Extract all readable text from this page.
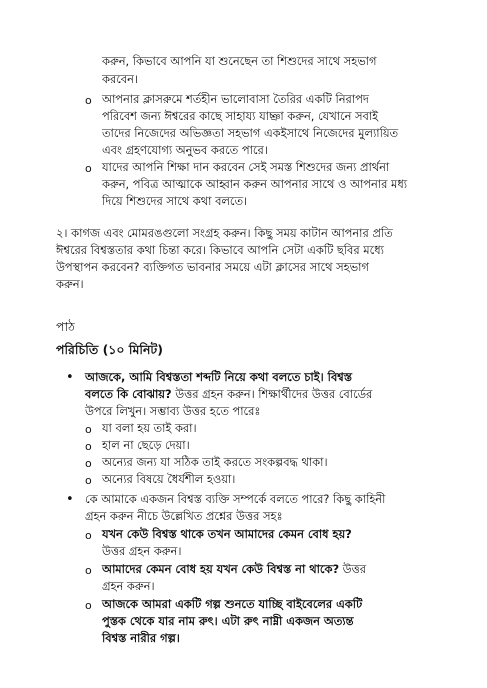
করুন, কিভাবে আপনি যা শুনেছেন তা শিশুদের সাথে সহভাগ
করবেন।
o আপনার ক্লাসরুমে শর্তহীন ভালোবাসা তৈরির একটি নিরাপদ
পরিবেশ জন্য ঈশ্বরের কাছে সাহায্য যাচ্ঞা করুন, যেখানে সবাই
তাদের নিজেদের অভিজ্ঞতা সহভাগ একইসাথে নিজেদের মুল্যায়িত
এবং গ্রহণযোগ্য অনুভব করতে পারে।
o যাদের আপনি শিক্ষা দান করবেন সেই সমস্ত শিশুদের জন্য প্রার্থনা
করুন, পবিত্র আত্মাকে আহ্বান করুন আপনার সাথে ও আপনার মধ্য
দিয়ে শিশুদের সাথে কথা বলতে।
২। কাগজ এবং মোমরঙগুলো সংগ্রহ করুন। কিছু সময় কাটান আপনার প্রতি
ঈশ্বরের বিশ্বস্ততার কথা চিন্তা করে। কিভাবে আপনি সেটা একটি ছবির মধ্যে
উপস্থাপন করবেন? ব্যক্তিগত ভাবনার সময়ে এটা ক্লাসের সাথে সহভাগ
করুন।
পাঠ
পরিচিতি (১০ মিনিট)
• আজকে, আমি বিশ্বস্ততা শব্দটি নিয়ে কথা বলতে চাই। বিশ্বস্ত
বলতে কি বোঝায়? উত্তর গ্রহন করুন। শিক্ষার্থীদের উত্তর বোর্ডের
উপরে লিখুন। সম্ভাব্য উত্তর হতে পারেঃ
o যা বলা হয় তাই করা।
o হাল না ছেড়ে দেয়া।
o অন্যের জন্য যা সঠিক তাই করতে সংকল্পবদ্ধ থাকা।
o অন্যের বিষয়ে ধৈর্যশীল হওয়া।
• কে আমাকে একজন বিশ্বস্ত ব্যক্তি সম্পর্কে বলতে পারে? কিছু কাহিনী
গ্রহন করুন নীচে উল্লেখিত প্রশ্নের উত্তর সহঃ
o যখন কেউ বিশ্বস্ত থাকে তখন আমাদের কেমন বোধ হয়?
উত্তর গ্রহন করুন।
o আমাদের কেমন বোধ হয় যখন কেউ বিশ্বস্ত না থাকে? উত্তর
গ্রহন করুন।
o আজকে আমরা একটি গল্প শুনতে যাচ্ছি বাইবেলের একটি
পুস্তক থেকে যার নাম রুৎ। এটা রুৎ নাম্নী একজন অত্যন্ত
বিশ্বস্ত নারীর গল্প।
